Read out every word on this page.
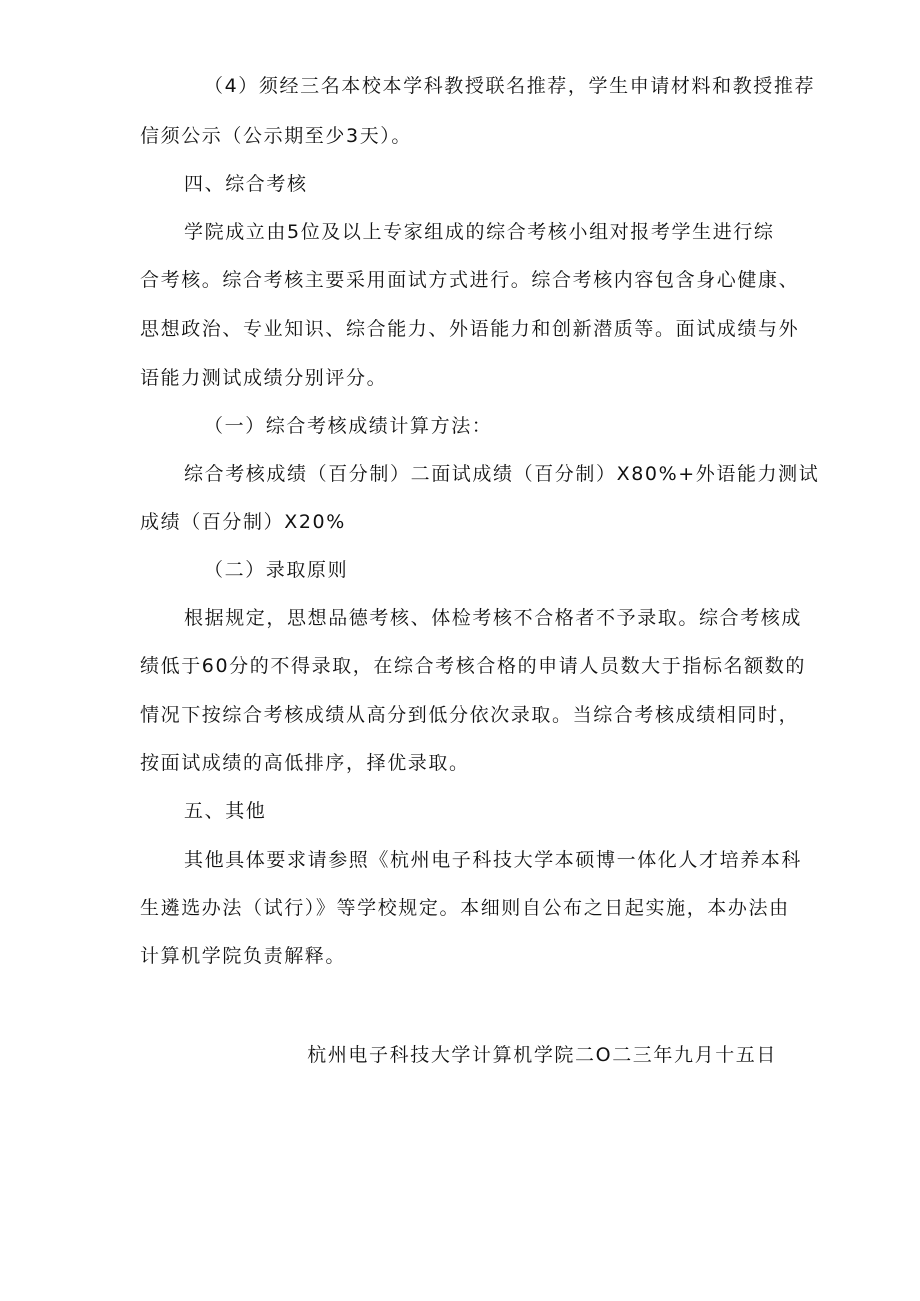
（4）须经三名本校本学科教授联名推荐，学生申请材料和教授推荐
信须公示（公示期至少3天）。
四、综合考核
学院成立由5位及以上专家组成的综合考核小组对报考学生进行综
合考核。综合考核主要采用面试方式进行。综合考核内容包含身心健康、
思想政治、专业知识、综合能力、外语能力和创新潜质等。面试成绩与外
语能力测试成绩分别评分。
（一）综合考核成绩计算方法：
综合考核成绩（百分制）二面试成绩（百分制）X80%+外语能力测试
成绩（百分制）X20%
（二）录取原则
根据规定，思想品德考核、体检考核不合格者不予录取。综合考核成
绩低于60分的不得录取，在综合考核合格的申请人员数大于指标名额数的
情况下按综合考核成绩从高分到低分依次录取。当综合考核成绩相同时，
按面试成绩的高低排序，择优录取。
五、其他
其他具体要求请参照《杭州电子科技大学本硕博一体化人才培养本科
生遴选办法（试行）》等学校规定。本细则自公布之日起实施，本办法由
计算机学院负责解释。
杭州电子科技大学计算机学院二O二三年九月十五日
